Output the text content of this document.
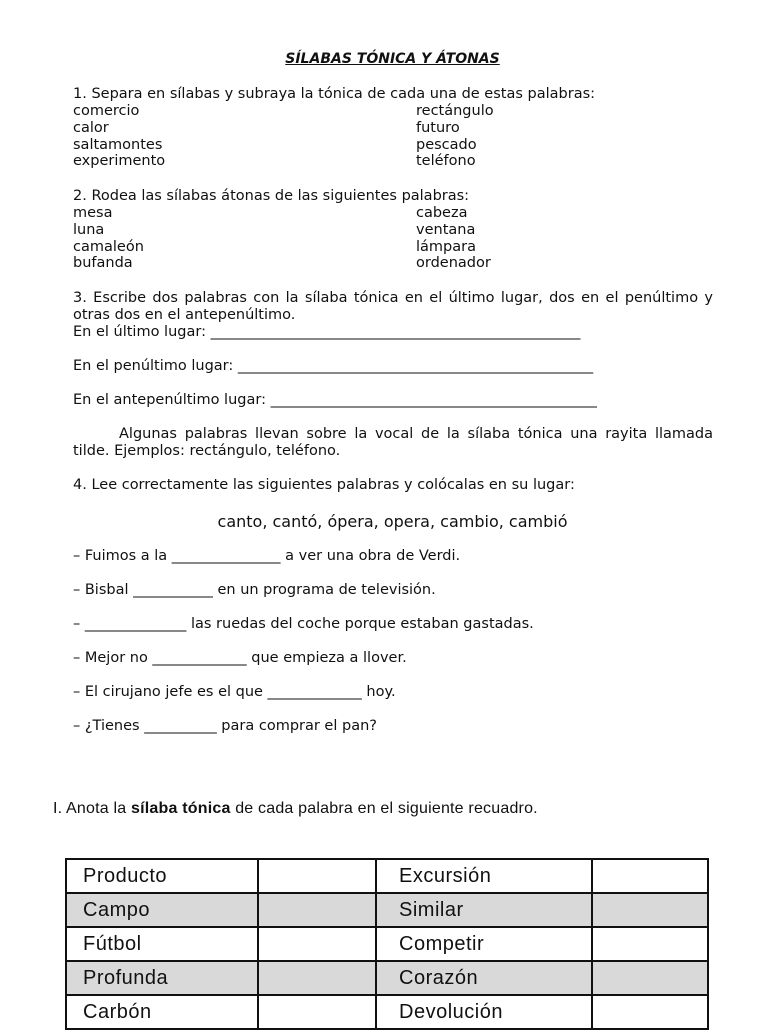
SÍLABAS TÓNICA Y ÁTONAS
1. Separa en sílabas y subraya la tónica de cada una de estas palabras:
comercio
calor
saltamontes
experimento
rectángulo
futuro
pescado
teléfono
2. Rodea las sílabas átonas de las siguientes palabras:
mesa
luna
camaleón
bufanda
cabeza
ventana
lámpara
ordenador
3. Escribe dos palabras con la sílaba tónica en el último lugar, dos en el penúltimo y otras dos en el antepenúltimo.
En el último lugar: ___________________________________________________
En el penúltimo lugar: _________________________________________________
En el antepenúltimo lugar: _____________________________________________
Algunas palabras llevan sobre la vocal de la sílaba tónica una rayita llamada tilde. Ejemplos: rectángulo, teléfono.
4. Lee correctamente las siguientes palabras y colócalas en su lugar:
canto, cantó, ópera, opera, cambio, cambió
– Fuimos a la _______________ a ver una obra de Verdi.
– Bisbal ___________ en un programa de televisión.
– ______________ las ruedas del coche porque estaban gastadas.
– Mejor no _____________ que empieza a llover.
– El cirujano jefe es el que _____________ hoy.
– ¿Tienes __________ para comprar el pan?
I. Anota la sílaba tónica de cada palabra en el siguiente recuadro.
Producto		Excursión	
Campo		Similar	
Fútbol		Competir	
Profunda		Corazón	
Carbón		Devolución	
